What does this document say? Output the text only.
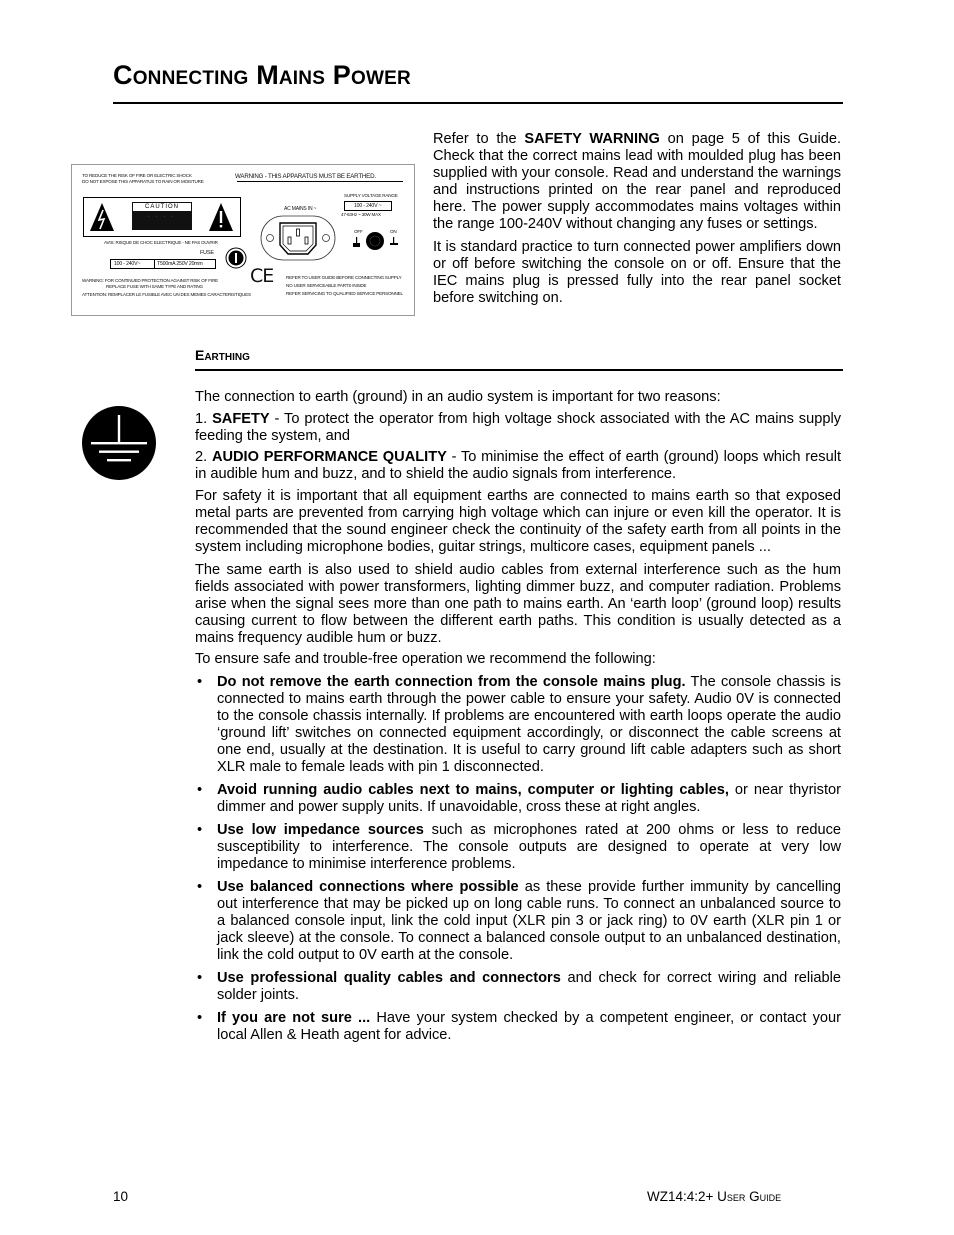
Connecting Mains Power
TO REDUCE THE RISK OF FIRE OR ELECTRIC SHOCK
DO NOT EXPOSE THIS APPARATUS TO RAIN OR MOISTURE
WARNING - THIS APPARATUS MUST BE EARTHED.
CAUTION
• • • •
AVIS: RISQUE DE CHOC ELECTRIQUE - NE PAS OUVRIR
FUSE
100 - 240V~	T500mA 250V 20mm
WARNING: FOR CONTINUED PROTECTION AGAINST RISK OF FIRE
REPLACE FUSE WITH SAME TYPE AND RATING
ATTENTION: REMPLACER LE FUSIBLE AVEC UN DES MEMES CARACTERISTIQUES
AC MAINS IN ~
SUPPLY VOLTAGE RANGE
100 - 240V ~
47-63Hz ~ 30W MAX
OFF	ON
CE	REFER TO USER GUIDE BEFORE CONNECTING SUPPLY
NO USER SERVICEABLE PARTS INSIDE
REFER SERVICING TO QUALIFIED SERVICE PERSONNEL

Refer to the SAFETY WARNING on page 5 of this Guide. Check that the correct mains lead with moulded plug has been supplied with your console. Read and understand the warnings and instructions printed on the rear panel and reproduced here. The power supply accommodates mains voltages within the range 100-240V without changing any fuses or settings.

It is standard practice to turn connected power amplifiers down or off before switching the console on or off. Ensure that the IEC mains plug is pressed fully into the rear panel socket before switching on.

Earthing

The connection to earth (ground) in an audio system is important for two reasons:

1. SAFETY - To protect the operator from high voltage shock associated with the AC mains supply feeding the system, and

2. AUDIO PERFORMANCE QUALITY - To minimise the effect of earth (ground) loops which result in audible hum and buzz, and to shield the audio signals from interference.

For safety it is important that all equipment earths are connected to mains earth so that exposed metal parts are prevented from carrying high voltage which can injure or even kill the operator. It is recommended that the sound engineer check the continuity of the safety earth from all points in the system including microphone bodies, guitar strings, multicore cases, equipment panels ...

The same earth is also used to shield audio cables from external interference such as the hum fields associated with power transformers, lighting dimmer buzz, and computer radiation. Problems arise when the signal sees more than one path to mains earth. An ‘earth loop’ (ground loop) results causing current to flow between the different earth paths. This condition is usually detected as a mains frequency audible hum or buzz.

To ensure safe and trouble-free operation we recommend the following:

• Do not remove the earth connection from the console mains plug. The console chassis is connected to mains earth through the power cable to ensure your safety. Audio 0V is connected to the console chassis internally. If problems are encountered with earth loops operate the audio ‘ground lift’ switches on connected equipment accordingly, or disconnect the cable screens at one end, usually at the destination. It is useful to carry ground lift cable adapters such as short XLR male to female leads with pin 1 disconnected.
• Avoid running audio cables next to mains, computer or lighting cables, or near thyristor dimmer and power supply units. If unavoidable, cross these at right angles.
• Use low impedance sources such as microphones rated at 200 ohms or less to reduce susceptibility to interference. The console outputs are designed to operate at very low impedance to minimise interference problems.
• Use balanced connections where possible as these provide further immunity by cancelling out interference that may be picked up on long cable runs. To connect an unbalanced source to a balanced console input, link the cold input (XLR pin 3 or jack ring) to 0V earth (XLR pin 1 or jack sleeve) at the console. To connect a balanced console output to an unbalanced destination, link the cold output to 0V earth at the console.
• Use professional quality cables and connectors and check for correct wiring and reliable solder joints.
• If you are not sure ... Have your system checked by a competent engineer, or contact your local Allen & Heath agent for advice.
10	WZ14:4:2+ User Guide
